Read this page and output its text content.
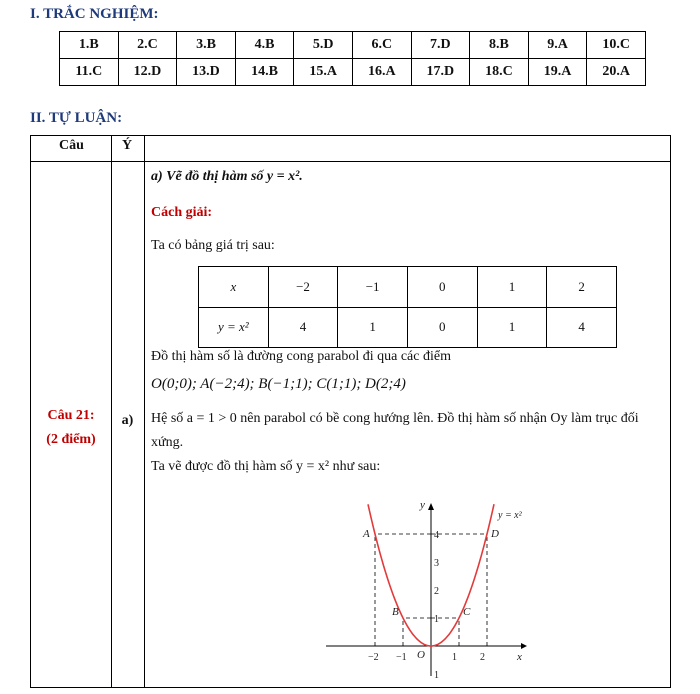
I. TRẮC NGHIỆM:
1.B	2.C	3.B	4.B	5.D	6.C	7.D	8.B	9.A	10.C
11.C	12.D	13.D	14.B	15.A	16.A	17.D	18.C	19.A	20.A
II. TỰ LUẬN:
Câu	Ý
Câu 21:
(2 điểm)
a)
a) Vẽ đồ thị hàm số y = x².
Cách giải:
Ta có bảng giá trị sau:
x	−2	−1	0	1	2
y = x²	4	1	0	1	4
Đồ thị hàm số là đường cong parabol đi qua các điểm
O(0;0); A(−2;4); B(−1;1); C(1;1); D(2;4)
Hệ số a = 1 > 0 nên parabol có bề cong hướng lên. Đồ thị hàm số nhận Oy làm trục đối xứng.
Ta vẽ được đồ thị hàm số y = x² như sau:
A
B	C
D
−2 −1	1 2
4
3
2
1
1
O	x
y
y = x²
